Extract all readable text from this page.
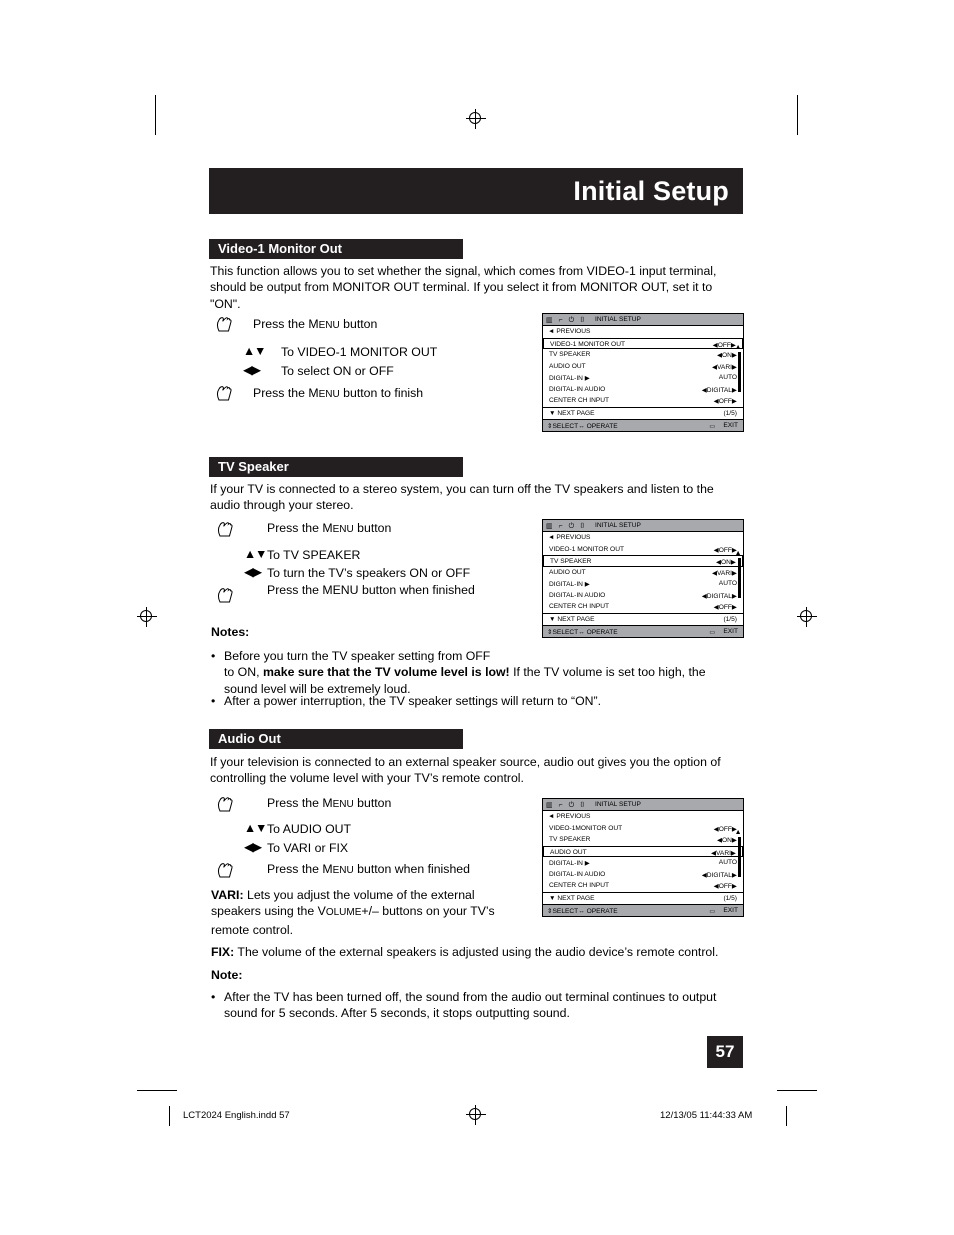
Initial Setup
Video-1 Monitor Out
This function allows you to set whether the signal, which comes from VIDEO-1 input terminal, should be output from MONITOR OUT terminal. If you select it from MONITOR OUT, set it to "ON".
Press the MENU button
▲▼ To VIDEO-1 MONITOR OUT
◀▶ To select ON or OFF
Press the MENU button to finish
▥ ⌐ ⏻ ⌷ INITIAL SETUP
◄ PREVIOUS
VIDEO-1 MONITOR OUT	◀OFF▶
TV SPEAKER	◀ON▶
AUDIO OUT	◀VARI▶
DIGITAL-IN ▶	AUTO
DIGITAL-IN AUDIO	◀DIGITAL▶
CENTER CH INPUT	◀OFF▶
▲
▼ NEXT PAGE	(1/5)
⇕SELECT↔ OPERATE	▭ EXIT
TV Speaker
If your TV is connected to a stereo system, you can turn off the TV speakers and listen to the audio through your stereo.
Press the MENU button
▲▼ To TV SPEAKER
◀▶ To turn the TV’s speakers ON or OFF
Press the MENU button when finished
▥ ⌐ ⏻ ⌷ INITIAL SETUP
◄ PREVIOUS
VIDEO-1 MONITOR OUT	◀OFF▶
TV SPEAKER	◀ON▶
AUDIO OUT	◀VARI▶
DIGITAL-IN ▶	AUTO
DIGITAL-IN AUDIO	◀DIGITAL▶
CENTER CH INPUT	◀OFF▶
▲
▼ NEXT PAGE	(1/5)
⇕SELECT↔ OPERATE	▭ EXIT
Notes:
• Before you turn the TV speaker setting from OFF
to ON, make sure that the TV volume level is low! If the TV volume is set too high, the
sound level will be extremely loud.
• After a power interruption, the TV speaker settings will return to “ON”.
Audio Out
If your television is connected to an external speaker source, audio out gives you the option of controlling the volume level with your TV’s remote control.
Press the MENU button
▲▼ To AUDIO OUT
◀▶ To VARI or FIX
Press the MENU button when finished
▥ ⌐ ⏻ ⌷ INITIAL SETUP
◄ PREVIOUS
VIDEO-1MONITOR OUT	◀OFF▶
TV SPEAKER	◀ON▶
AUDIO OUT	◀VARI▶
DIGITAL-IN ▶	AUTO
DIGITAL-IN AUDIO	◀DIGITAL▶
CENTER CH INPUT	◀OFF▶
▲
▼ NEXT PAGE	(1/5)
⇕SELECT↔ OPERATE	▭ EXIT
VARI: Lets you adjust the volume of the external speakers using the VOLUME+/– buttons on your TV’s remote control.
FIX: The volume of the external speakers is adjusted using the audio device’s remote control.
Note:
• After the TV has been turned off, the sound from the audio out terminal continues to output sound for 5 seconds. After 5 seconds, it stops outputting sound.
57
LCT2024 English.indd 57	12/13/05 11:44:33 AM
